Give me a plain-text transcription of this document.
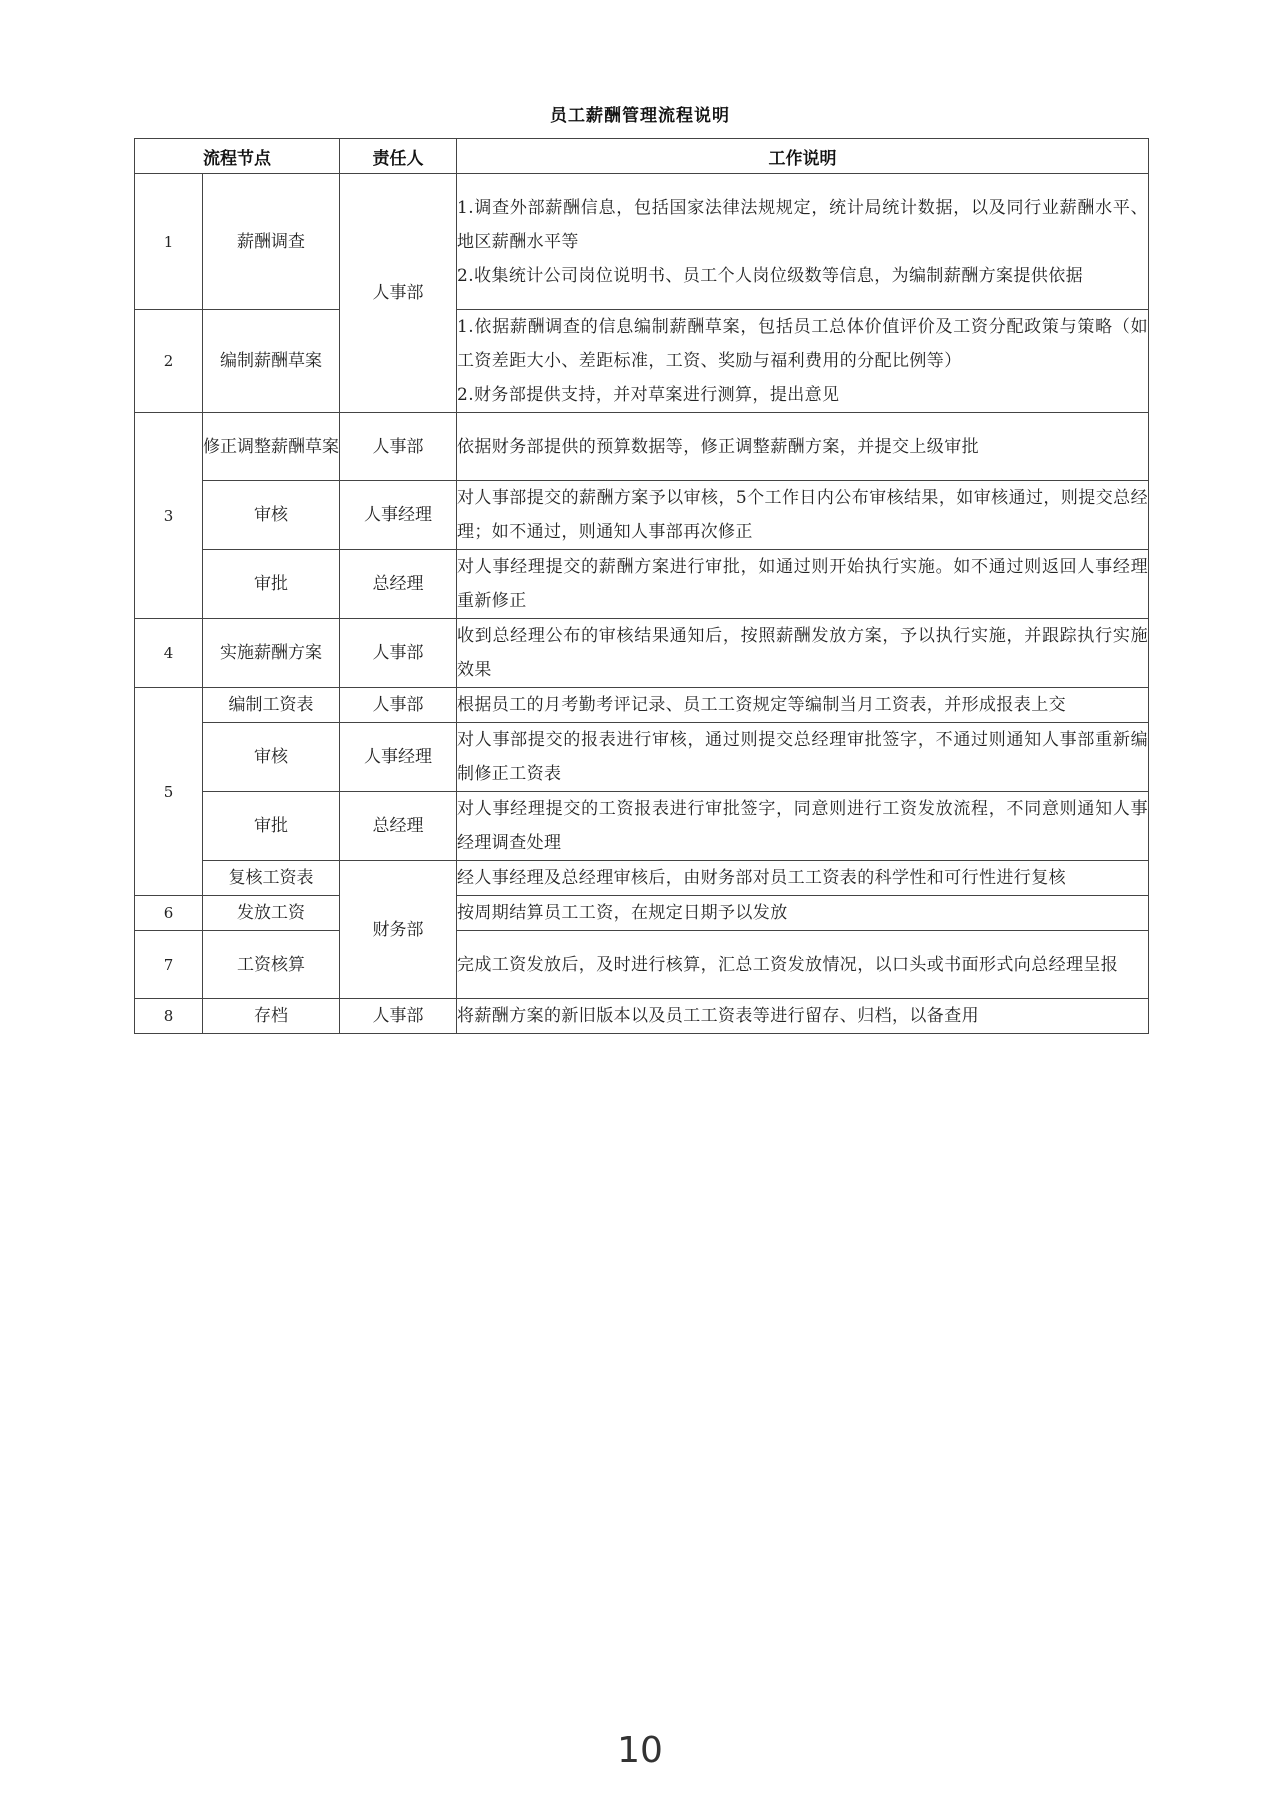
员工薪酬管理流程说明
流程节点		责任人	工作说明
1	薪酬调查	人事部	1.调查外部薪酬信息，包括国家法律法规规定，统计局统计数据，以及同行业薪酬水平、地区薪酬水平等
2.收集统计公司岗位说明书、员工个人岗位级数等信息，为编制薪酬方案提供依据

2	编制薪酬草案		1.依据薪酬调查的信息编制薪酬草案，包括员工总体价值评价及工资分配政策与策略（如工资差距大小、差距标准，工资、奖励与福利费用的分配比例等）
2.财务部提供支持，并对草案进行测算，提出意见

3	修正调整薪酬草案	人事部	依据财务部提供的预算数据等，修正调整薪酬方案，并提交上级审批

	审核	人事经理	对人事部提交的薪酬方案予以审核，5个工作日内公布审核结果，如审核通过，则提交总经理；如不通过，则通知人事部再次修正

	审批	总经理	对人事经理提交的薪酬方案进行审批，如通过则开始执行实施。如不通过则返回人事经理重新修正

4	实施薪酬方案	人事部	收到总经理公布的审核结果通知后，按照薪酬发放方案，予以执行实施，并跟踪执行实施效果

5	编制工资表	人事部	根据员工的月考勤考评记录、员工工资规定等编制当月工资表，并形成报表上交

	审核	人事经理	对人事部提交的报表进行审核，通过则提交总经理审批签字，不通过则通知人事部重新编制修正工资表

	审批	总经理	对人事经理提交的工资报表进行审批签字，同意则进行工资发放流程，不同意则通知人事经理调查处理

	复核工资表	财务部	经人事经理及总经理审核后，由财务部对员工工资表的科学性和可行性进行复核

6	发放工资		按周期结算员工工资，在规定日期予以发放

7	工资核算		完成工资发放后，及时进行核算，汇总工资发放情况，以口头或书面形式向总经理呈报

8	存档	人事部	将薪酬方案的新旧版本以及员工工资表等进行留存、归档，以备查用
10
